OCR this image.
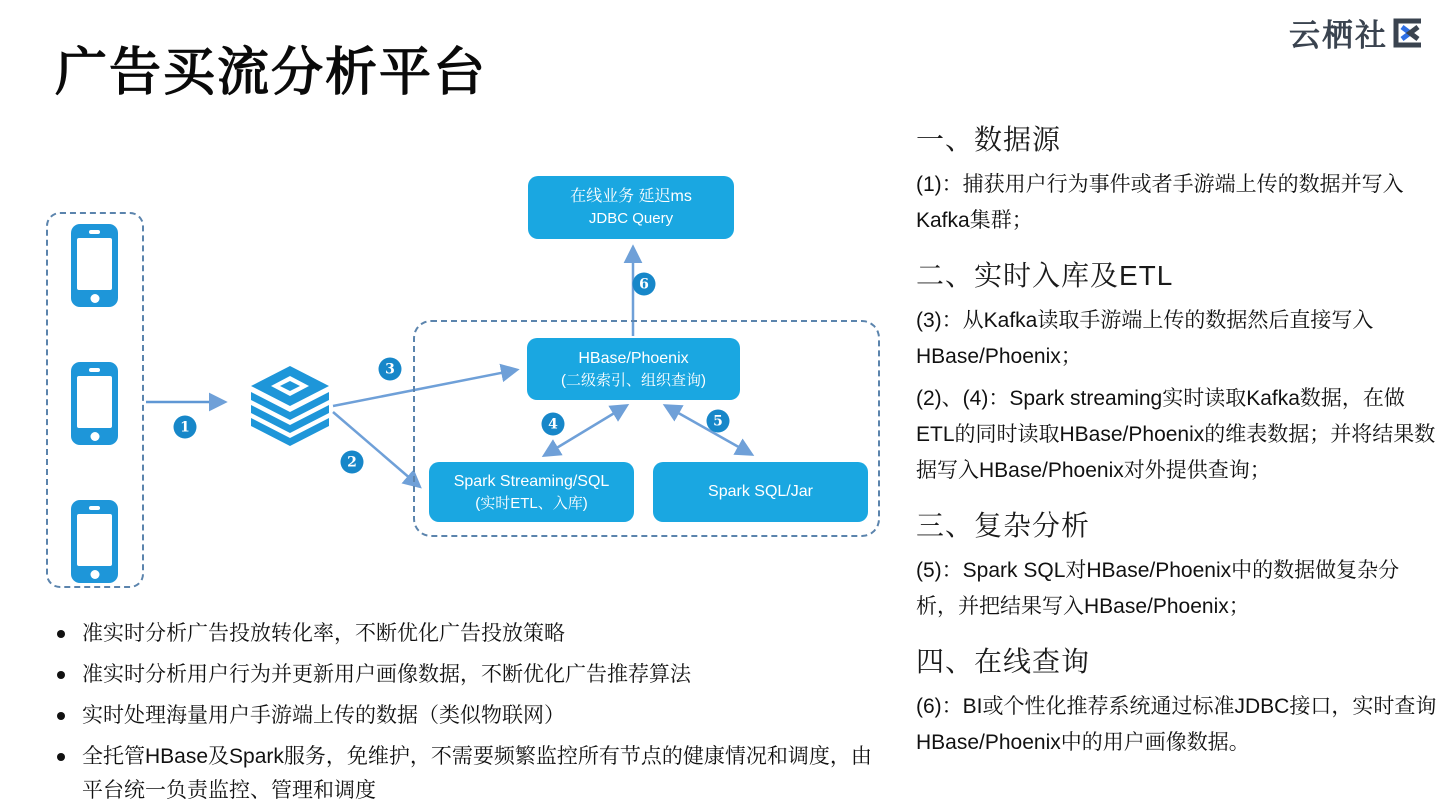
广告买流分析平台
云栖社
在线业务 延迟ms
JDBC Query
HBase/Phoenix
(二级索引、组织查询)
Spark Streaming/SQL
(实时ETL、入库)
Spark SQL/Jar
1
2
3
4	5
6
准实时分析广告投放转化率，不断优化广告投放策略
准实时分析用户行为并更新用户画像数据，不断优化广告推荐算法
实时处理海量用户手游端上传的数据（类似物联网）
全托管HBase及Spark服务，免维护，不需要频繁监控所有节点的健康情况和调度，由平台统一负责监控、管理和调度
一、数据源

(1)：捕获用户行为事件或者手游端上传的数据并写入Kafka集群；

二、实时入库及ETL

(3)：从Kafka读取手游端上传的数据然后直接写入HBase/Phoenix；

(2)、(4)：Spark streaming实时读取Kafka数据，在做ETL的同时读取HBase/Phoenix的维表数据；并将结果数据写入HBase/Phoenix对外提供查询；

三、复杂分析

(5)：Spark SQL对HBase/Phoenix中的数据做复杂分析，并把结果写入HBase/Phoenix；

四、在线查询

(6)：BI或个性化推荐系统通过标准JDBC接口，实时查询HBase/Phoenix中的用户画像数据。
